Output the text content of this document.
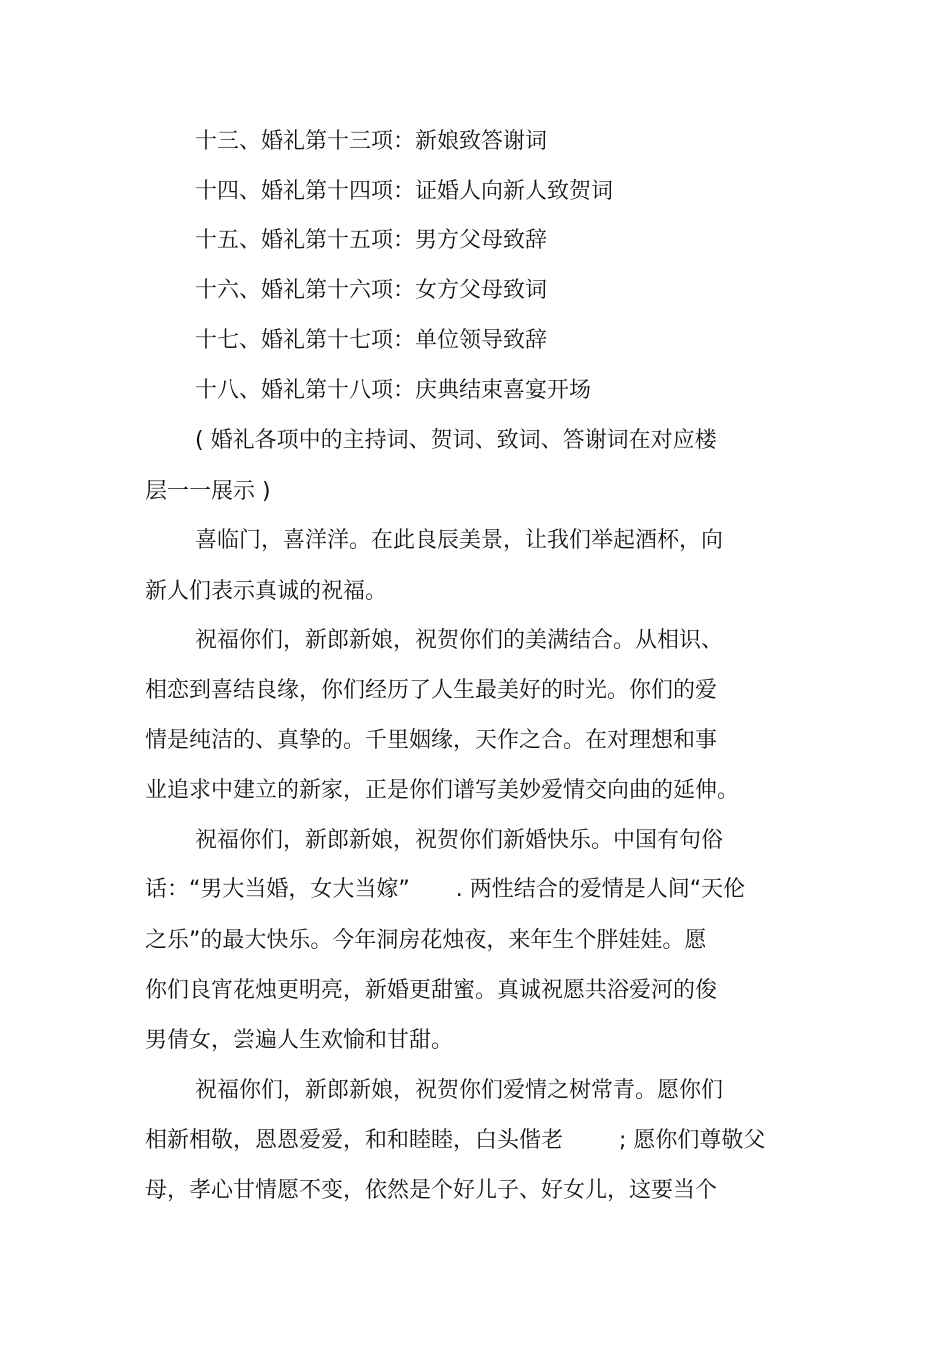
十三、婚礼第十三项：新娘致答谢词

十四、婚礼第十四项：证婚人向新人致贺词

十五、婚礼第十五项：男方父母致辞

十六、婚礼第十六项：女方父母致词

十七、婚礼第十七项：单位领导致辞

十八、婚礼第十八项：庆典结束喜宴开场

( 婚礼各项中的主持词、贺词、致词、答谢词在对应楼

层一一展示 )

喜临门，喜洋洋。在此良辰美景，让我们举起酒杯，向

新人们表示真诚的祝福。

祝福你们，新郎新娘，祝贺你们的美满结合。从相识、

相恋到喜结良缘，你们经历了人生最美好的时光。你们的爱

情是纯洁的、真挚的。千里姻缘，天作之合。在对理想和事

业追求中建立的新家，正是你们谱写美妙爱情交向曲的延伸。

祝福你们，新郎新娘，祝贺你们新婚快乐。中国有句俗

话：“男大当婚，女大当嫁” . 两性结合的爱情是人间“天伦

之乐”的最大快乐。今年洞房花烛夜，来年生个胖娃娃。愿

你们良宵花烛更明亮，新婚更甜蜜。真诚祝愿共浴爱河的俊

男倩女，尝遍人生欢愉和甘甜。

祝福你们，新郎新娘，祝贺你们爱情之树常青。愿你们

相新相敬，恩恩爱爱，和和睦睦，白头偕老	; 愿你们尊敬父

母，孝心甘情愿不变，依然是个好儿子、好女儿，这要当个
